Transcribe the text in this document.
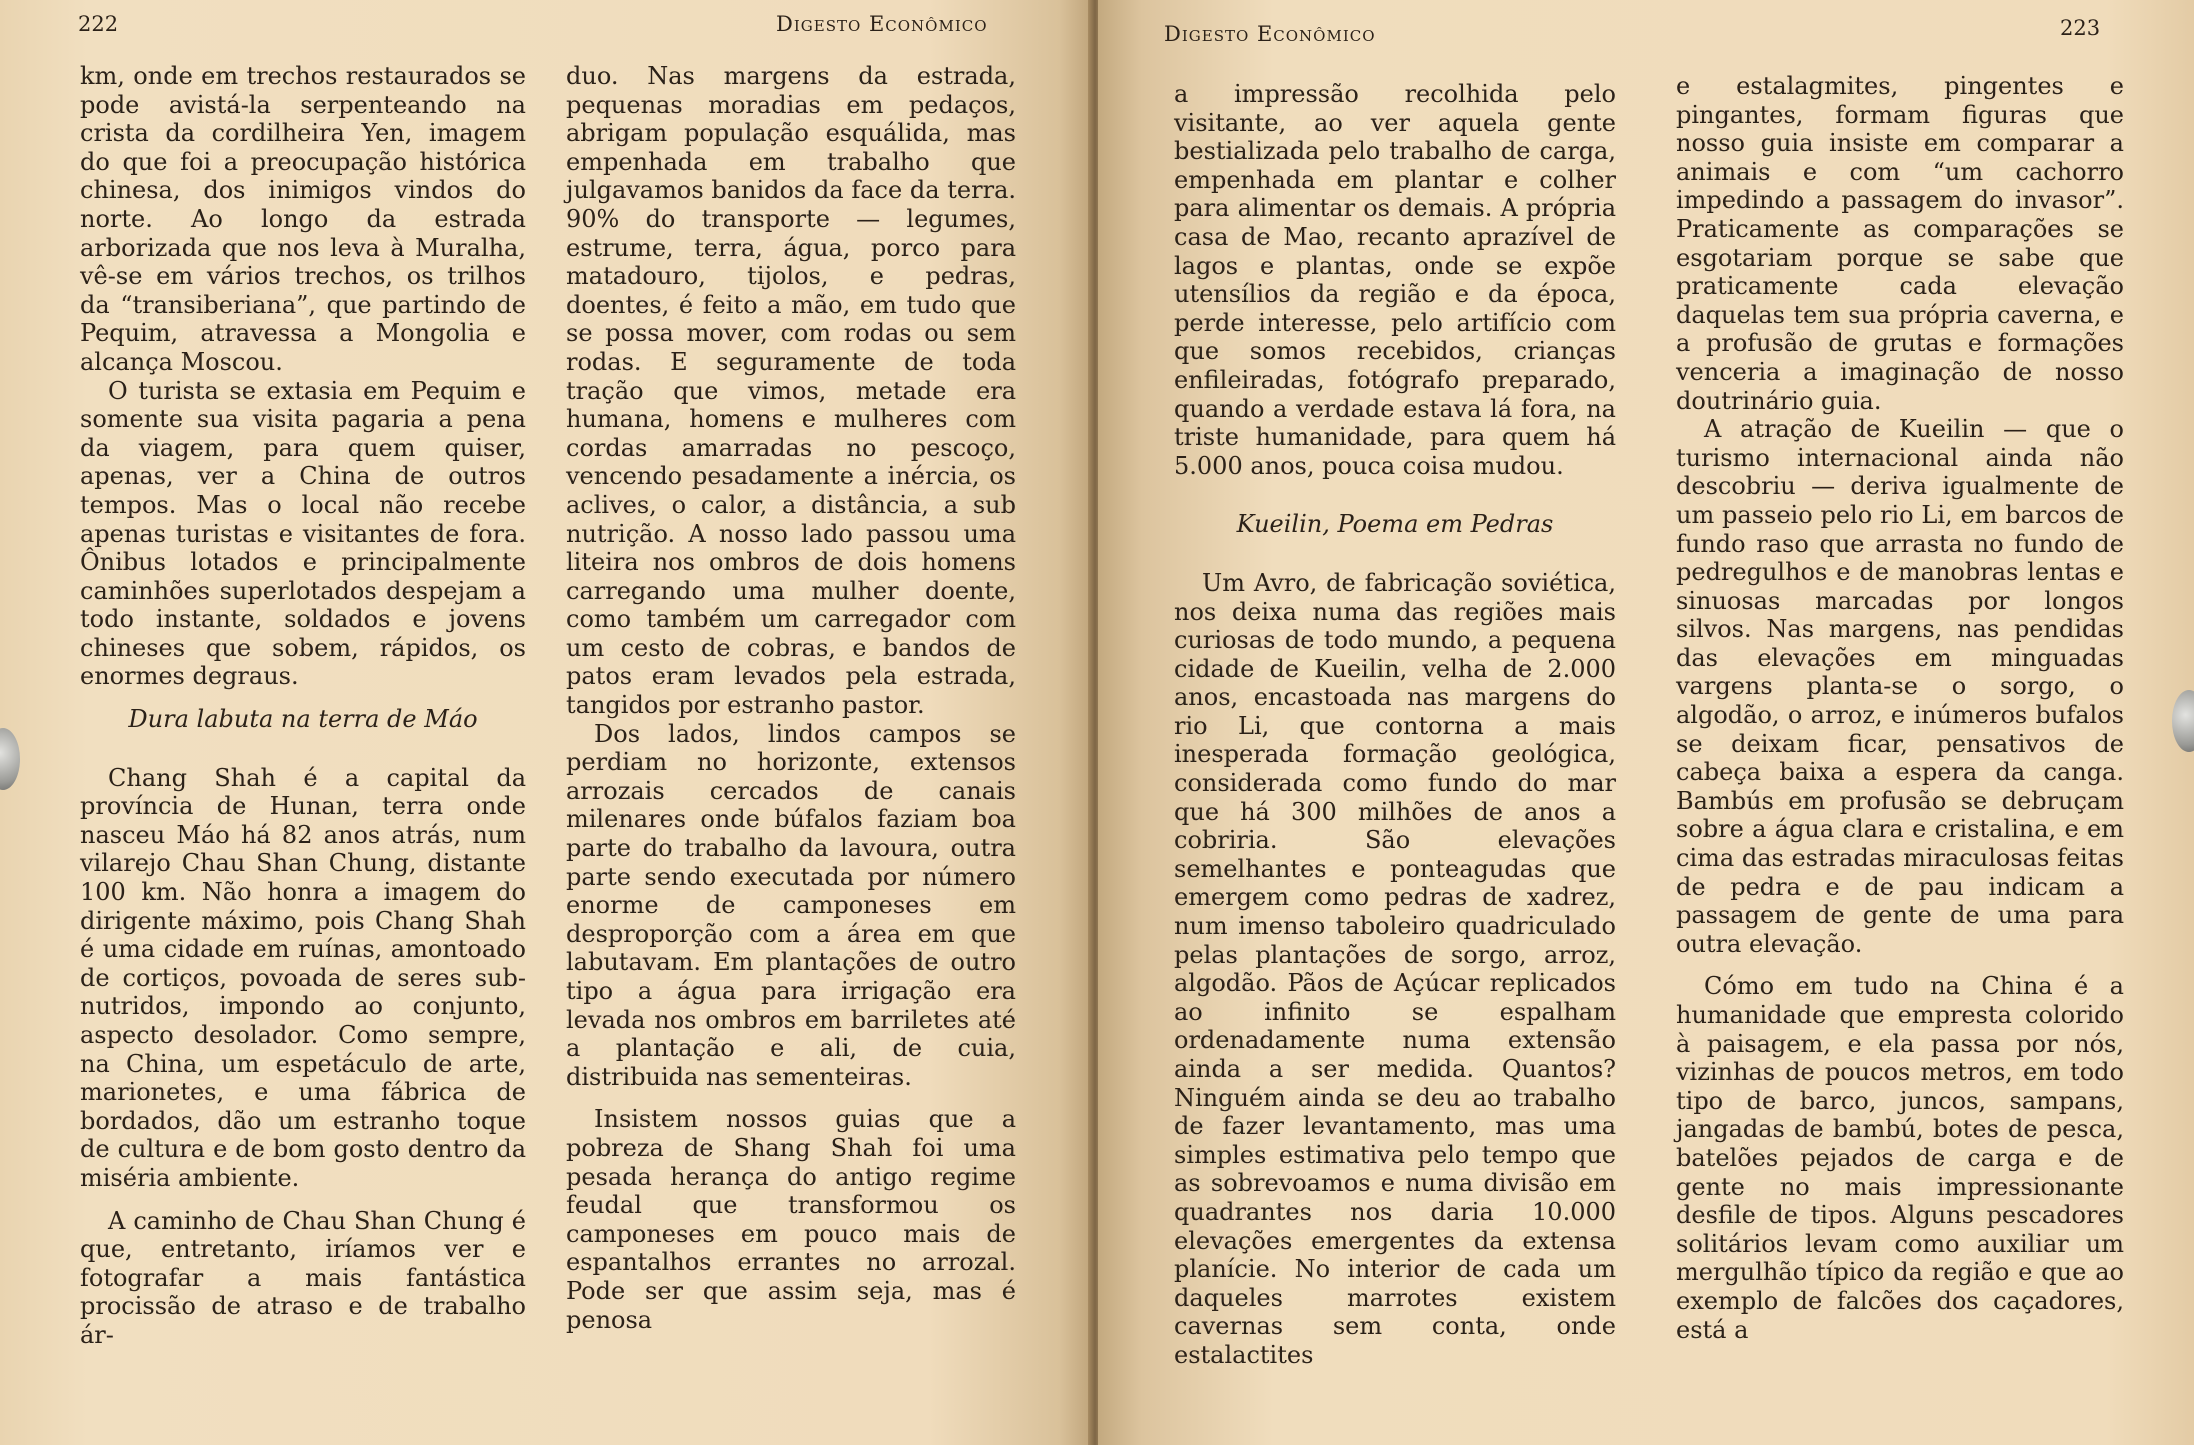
222	Digesto Econômico

km, onde em trechos restaurados se pode avistá-la serpenteando na crista da cordilheira Yen, imagem do que foi a preocupação histórica chinesa, dos inimigos vindos do norte. Ao longo da estrada arborizada que nos leva à Muralha, vê-se em vários trechos, os trilhos da “transiberiana”, que partindo de Pequim, atravessa a Mongolia e alcança Moscou.

O turista se extasia em Pequim e somente sua visita pagaria a pena da viagem, para quem quiser, apenas, ver a China de outros tempos. Mas o local não recebe apenas turistas e visitantes de fora. Ônibus lotados e principalmente caminhões superlotados despejam a todo instante, soldados e jovens chineses que sobem, rápidos, os enormes degraus.

Dura labuta na terra de Máo

Chang Shah é a capital da província de Hunan, terra onde nasceu Máo há 82 anos atrás, num vilarejo Chau Shan Chung, distante 100 km. Não honra a imagem do dirigente máximo, pois Chang Shah é uma cidade em ruínas, amontoado de cortiços, povoada de seres sub-nutridos, impondo ao conjunto, aspecto desolador. Como sempre, na China, um espetáculo de arte, marionetes, e uma fábrica de bordados, dão um estranho toque de cultura e de bom gosto dentro da miséria ambiente.

A caminho de Chau Shan Chung é que, entretanto, iríamos ver e fotografar a mais fantástica procissão de atraso e de trabalho ár-

duo. Nas margens da estrada, pequenas moradias em pedaços, abrigam população esquálida, mas empenhada em trabalho que julgavamos banidos da face da terra. 90% do transporte — legumes, estrume, terra, água, porco para matadouro, tijolos, e pedras, doentes, é feito a mão, em tudo que se possa mover, com rodas ou sem rodas. E seguramente de toda tração que vimos, metade era humana, homens e mulheres com cordas amarradas no pescoço, vencendo pesadamente a inércia, os aclives, o calor, a distância, a sub nutrição. A nosso lado passou uma liteira nos ombros de dois homens carregando uma mulher doente, como também um carregador com um cesto de cobras, e bandos de patos eram levados pela estrada, tangidos por estranho pastor.

Dos lados, lindos campos se perdiam no horizonte, extensos arrozais cercados de canais milenares onde búfalos faziam boa parte do trabalho da lavoura, outra parte sendo executada por número enorme de camponeses em desproporção com a área em que labutavam. Em plantações de outro tipo a água para irrigação era levada nos ombros em barriletes até a plantação e ali, de cuia, distribuida nas sementeiras.

Insistem nossos guias que a pobreza de Shang Shah foi uma pesada herança do antigo regime feudal que transformou os camponeses em pouco mais de espantalhos errantes no arrozal. Pode ser que assim seja, mas é penosa

Digesto Econômico	223

a impressão recolhida pelo visitante, ao ver aquela gente bestializada pelo trabalho de carga, empenhada em plantar e colher para alimentar os demais. A própria casa de Mao, recanto aprazível de lagos e plantas, onde se expõe utensílios da região e da época, perde interesse, pelo artifício com que somos recebidos, crianças enfileiradas, fotógrafo preparado, quando a verdade estava lá fora, na triste humanidade, para quem há 5.000 anos, pouca coisa mudou.

Kueilin, Poema em Pedras

Um Avro, de fabricação soviética, nos deixa numa das regiões mais curiosas de todo mundo, a pequena cidade de Kueilin, velha de 2.000 anos, encastoada nas margens do rio Li, que contorna a mais inesperada formação geológica, considerada como fundo do mar que há 300 milhões de anos a cobriria. São elevações semelhantes e ponteagudas que emergem como pedras de xadrez, num imenso taboleiro quadriculado pelas plantações de sorgo, arroz, algodão. Pãos de Açúcar replicados ao infinito se espalham ordenadamente numa extensão ainda a ser medida. Quantos? Ninguém ainda se deu ao trabalho de fazer levantamento, mas uma simples estimativa pelo tempo que as sobrevoamos e numa divisão em quadrantes nos daria 10.000 elevações emergentes da extensa planície. No interior de cada um daqueles marrotes existem cavernas sem conta, onde estalactites

e estalagmites, pingentes e pingantes, formam figuras que nosso guia insiste em comparar a animais e com “um cachorro impedindo a passagem do invasor”. Praticamente as comparações se esgotariam porque se sabe que praticamente cada elevação daquelas tem sua própria caverna, e a profusão de grutas e formações venceria a imaginação de nosso doutrinário guia.

A atração de Kueilin — que o turismo internacional ainda não descobriu — deriva igualmente de um passeio pelo rio Li, em barcos de fundo raso que arrasta no fundo de pedregulhos e de manobras lentas e sinuosas marcadas por longos silvos. Nas margens, nas pendidas das elevações em minguadas vargens planta-se o sorgo, o algodão, o arroz, e inúmeros bufalos se deixam ficar, pensativos de cabeça baixa a espera da canga. Bambús em profusão se debruçam sobre a água clara e cristalina, e em cima das estradas miraculosas feitas de pedra e de pau indicam a passagem de gente de uma para outra elevação.

Cómo em tudo na China é a humanidade que empresta colorido à paisagem, e ela passa por nós, vizinhas de poucos metros, em todo tipo de barco, juncos, sampans, jangadas de bambú, botes de pesca, batelões pejados de carga e de gente no mais impressionante desfile de tipos. Alguns pescadores solitários levam como auxiliar um mergulhão típico da região e que ao exemplo de falcões dos caçadores, está a
